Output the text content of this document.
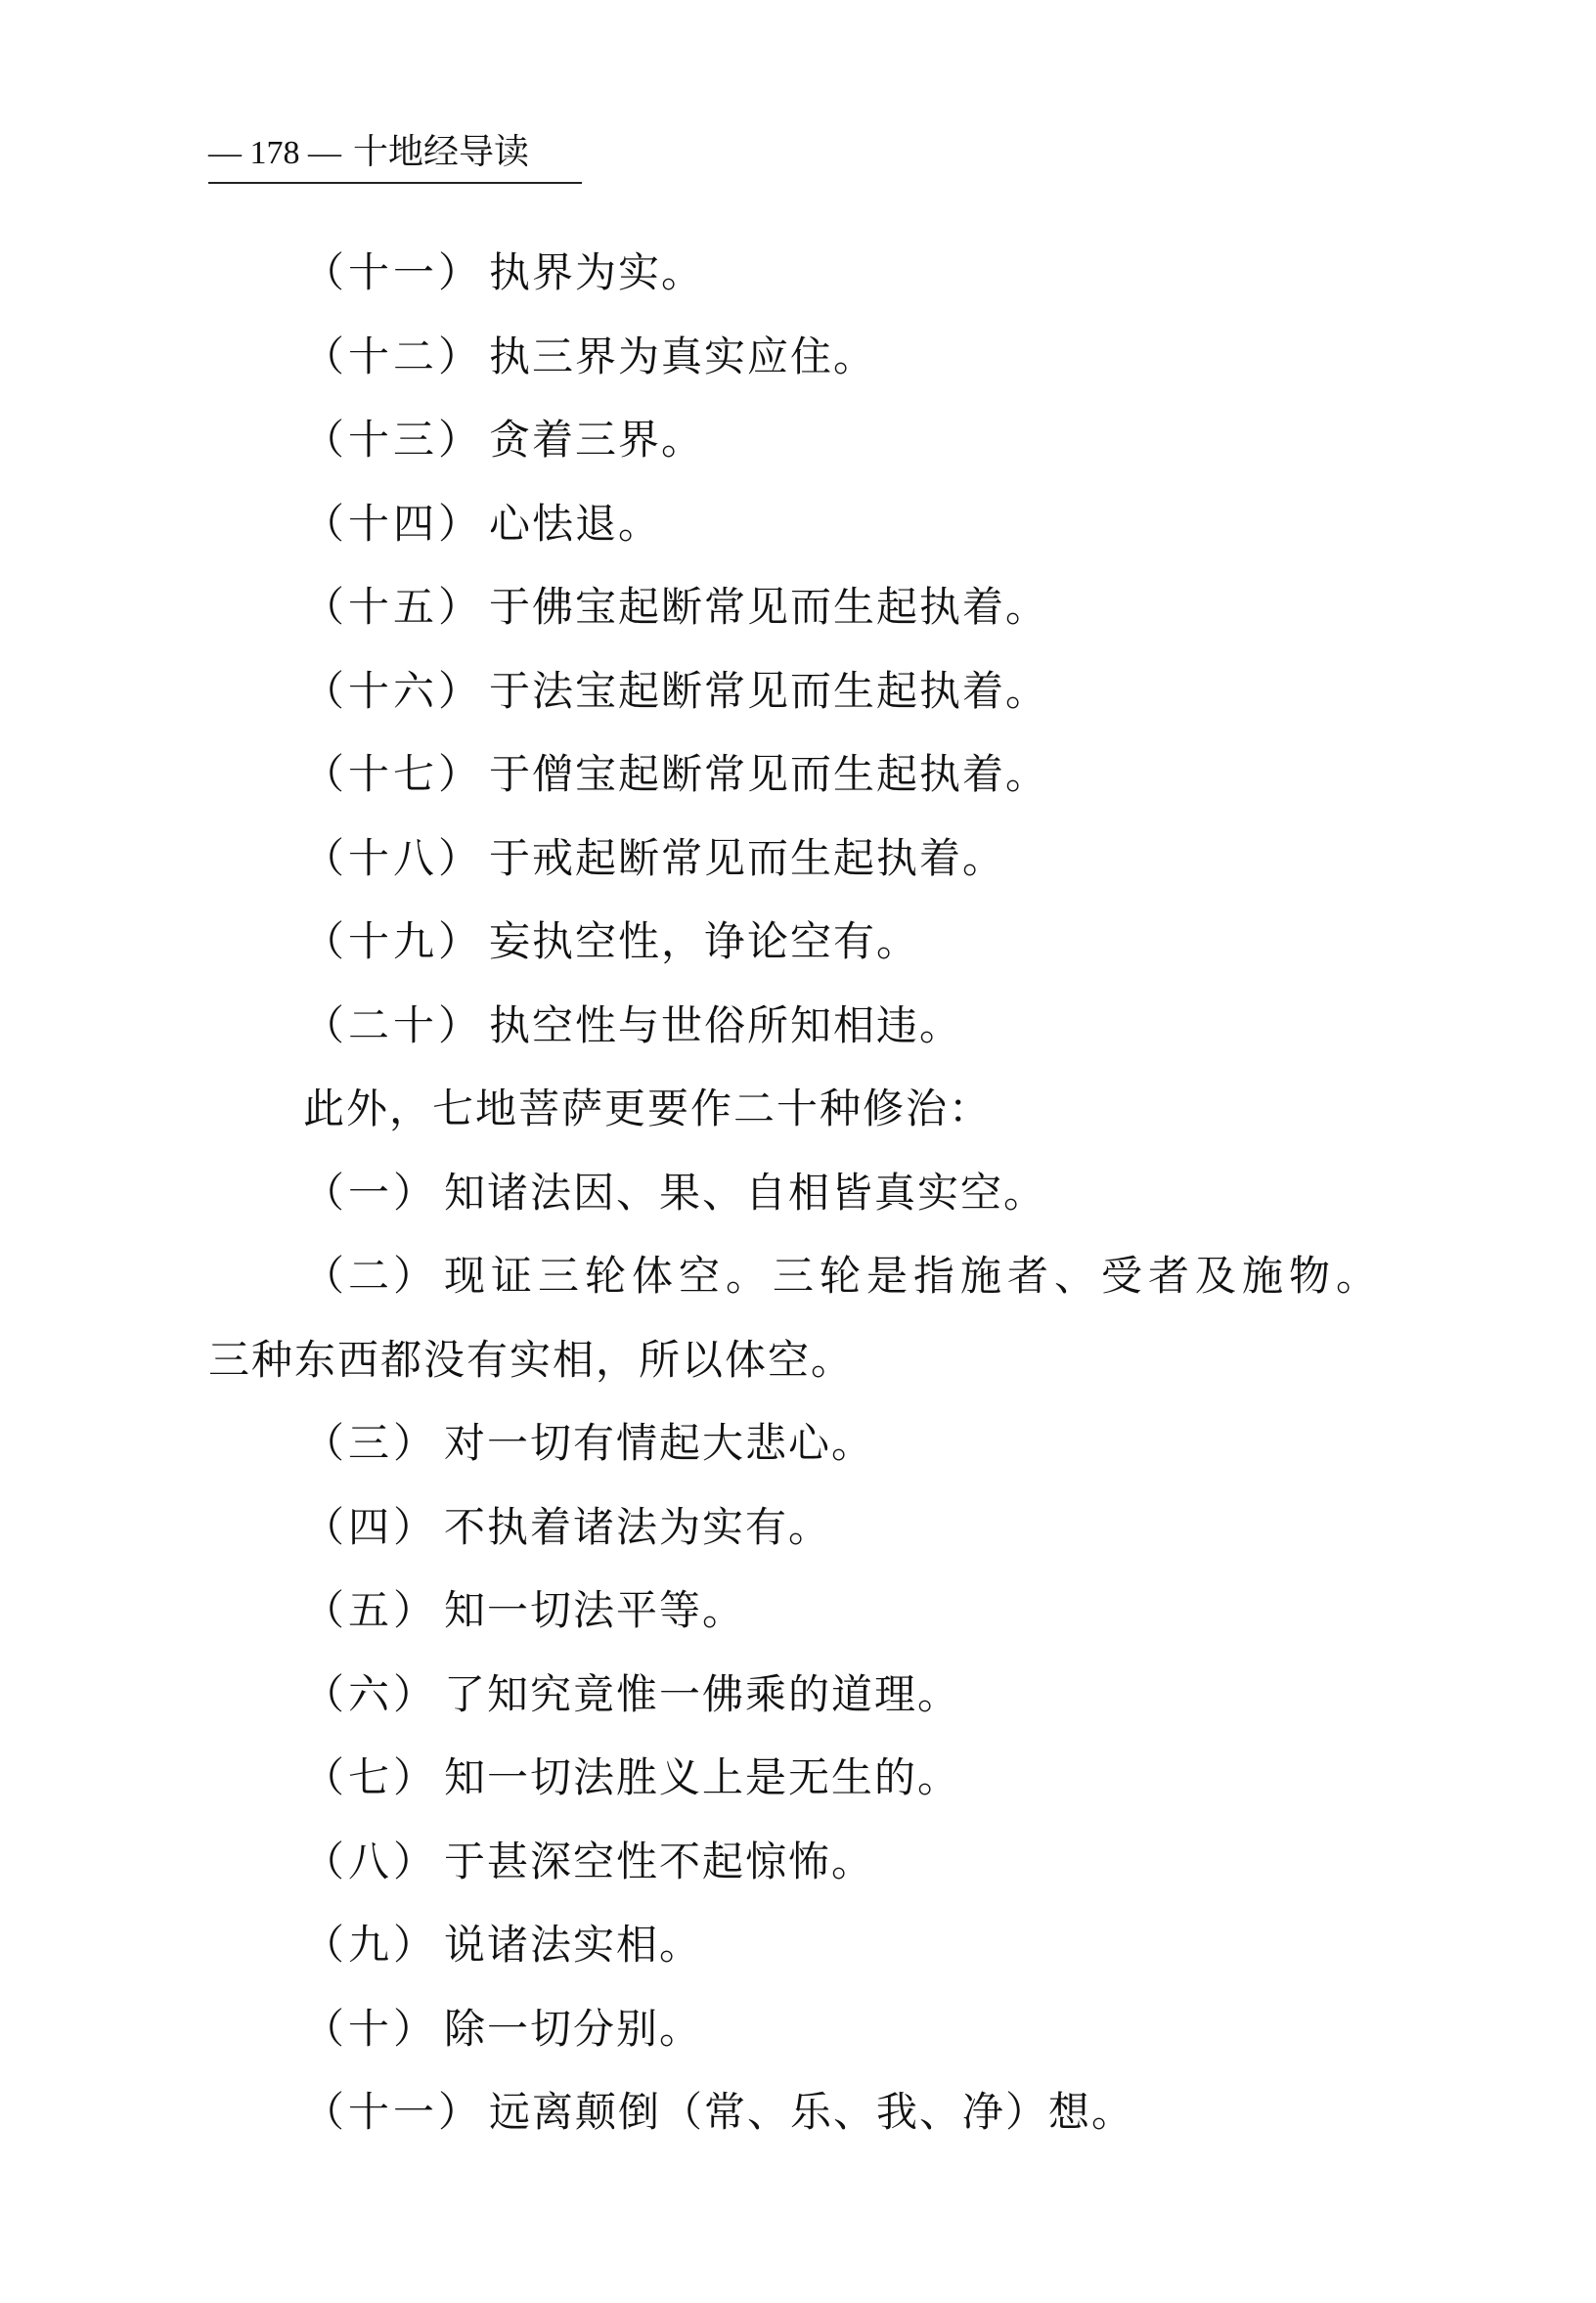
— 178 — 十地经导读
（十一） 执界为实。
（十二） 执三界为真实应住。
（十三） 贪着三界。
（十四） 心怯退。
（十五） 于佛宝起断常见而生起执着。
（十六） 于法宝起断常见而生起执着。
（十七） 于僧宝起断常见而生起执着。
（十八） 于戒起断常见而生起执着。
（十九） 妄执空性，诤论空有。
（二十） 执空性与世俗所知相违。
此外，七地菩萨更要作二十种修治：
（一） 知诸法因、果、自相皆真实空。
（二） 现证三轮体空。三轮是指施者、受者及施物。
三种东西都没有实相，所以体空。
（三） 对一切有情起大悲心。
（四） 不执着诸法为实有。
（五） 知一切法平等。
（六） 了知究竟惟一佛乘的道理。
（七） 知一切法胜义上是无生的。
（八） 于甚深空性不起惊怖。
（九） 说诸法实相。
（十） 除一切分别。
（十一） 远离颠倒（常、乐、我、净）想。
